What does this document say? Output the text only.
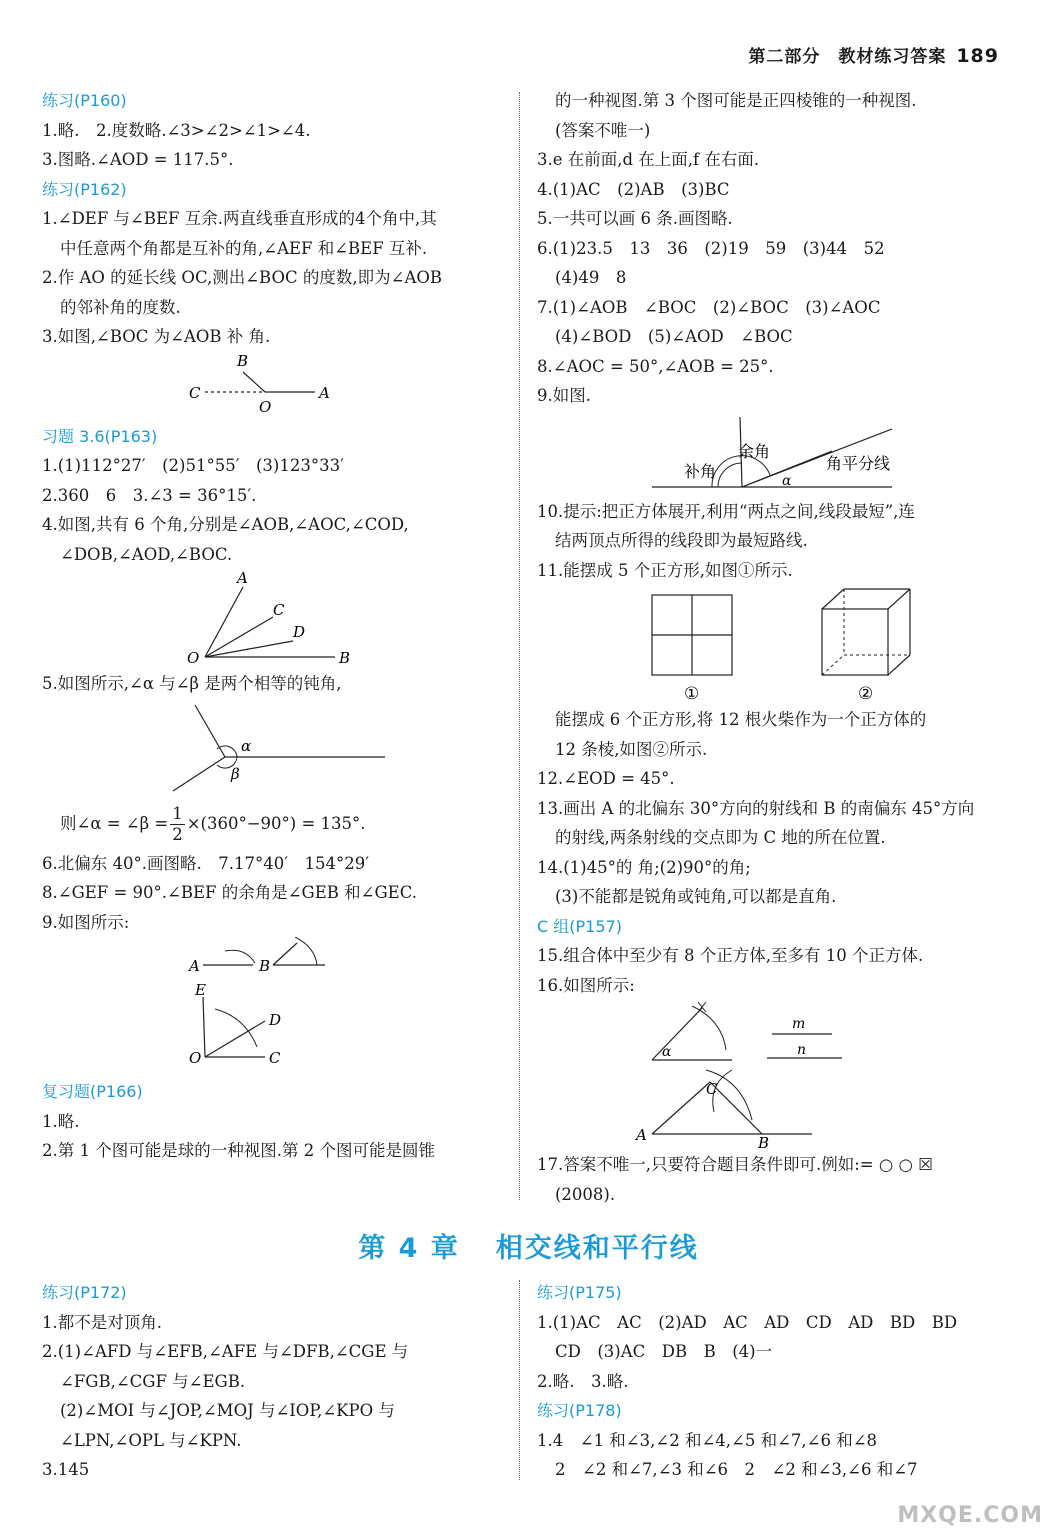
第二部分　教材练习答案 189
练习(P160)
1.略.　2.度数略.∠3>∠2>∠1>∠4.
3.图略.∠AOD = 117.5°.
练习(P162)
1.∠DEF 与∠BEF 互余.两直线垂直形成的4个角中,其
中任意两个角都是互补的角,∠AEF 和∠BEF 互补.
2.作 AO 的延长线 OC,测出∠BOC 的度数,即为∠AOB
的邻补角的度数.
3.如图,∠BOC 为∠AOB 补 角.
B
C
O
A
习题 3.6(P163)
1.(1)112°27′　(2)51°55′　(3)123°33′
2.360　6　3.∠3 = 36°15′.
4.如图,共有 6 个角,分别是∠AOB,∠AOC,∠COD,
∠DOB,∠AOD,∠BOC.
A
C
D
O	B
5.如图所示,∠α 与∠β 是两个相等的钝角,
α
β
则∠α = ∠β = $\frac{1}{2} \times(360^\circ-90^\circ) = 135^\circ$.
6.北偏东 40°.画图略.　7.17°40′　154°29′
8.∠GEF = 90°.∠BEF 的余角是∠GEB 和∠GEC.
9.如图所示:
A	B
E
D
O	C
复习题(P166)
1.略.
2.第 1 个图可能是球的一种视图.第 2 个图可能是圆锥
的一种视图.第 3 个图可能是正四棱锥的一种视图.
(答案不唯一)
3.e 在前面,d 在上面,f 在右面.
4.(1)AC　(2)AB　(3)BC
5.一共可以画 6 条.画图略.
6.(1)23.5　13　36　(2)19　59　(3)44　52
(4)49　8
7.(1)∠AOB　∠BOC　(2)∠BOC　(3)∠AOC
(4)∠BOD　(5)∠AOD　∠BOC
8.∠AOC = 50°,∠AOB = 25°.
9.如图.
补角
余角
角平分线
α
10.提示:把正方体展开,利用“两点之间,线段最短”,连
结两顶点所得的线段即为最短路线.
11.能摆成 5 个正方形,如图①所示.
①	②
能摆成 6 个正方形,将 12 根火柴作为一个正方体的
12 条棱,如图②所示.
12.∠EOD = 45°.
13.画出 A 的北偏东 30°方向的射线和 B 的南偏东 45°方向
的射线,两条射线的交点即为 C 地的所在位置.
14.(1)45°的 角;(2)90°的角;
(3)不能都是锐角或钝角,可以都是直角.
C 组(P157)
15.组合体中至少有 8 个正方体,至多有 10 个正方体.
16.如图所示:
α
m
n
C
A	B
17.答案不唯一,只要符合题目条件即可.例如:= ○ ○ ☒
(2008).
第 4 章 相交线和平行线
练习(P172)
1.都不是对顶角.
2.(1)∠AFD 与∠EFB,∠AFE 与∠DFB,∠CGE 与
∠FGB,∠CGF 与∠EGB.
(2)∠MOI 与∠JOP,∠MOJ 与∠IOP,∠KPO 与
∠LPN,∠OPL 与∠KPN.
3.145
练习(P175)
1.(1)AC　AC　(2)AD　AC　AD　CD　AD　BD　BD
CD　(3)AC　DB　B　(4)一
2.略.　3.略.
练习(P178)
1.4　∠1 和∠3,∠2 和∠4,∠5 和∠7,∠6 和∠8
2　∠2 和∠7,∠3 和∠6　2　∠2 和∠3,∠6 和∠7
MXQE.COM
